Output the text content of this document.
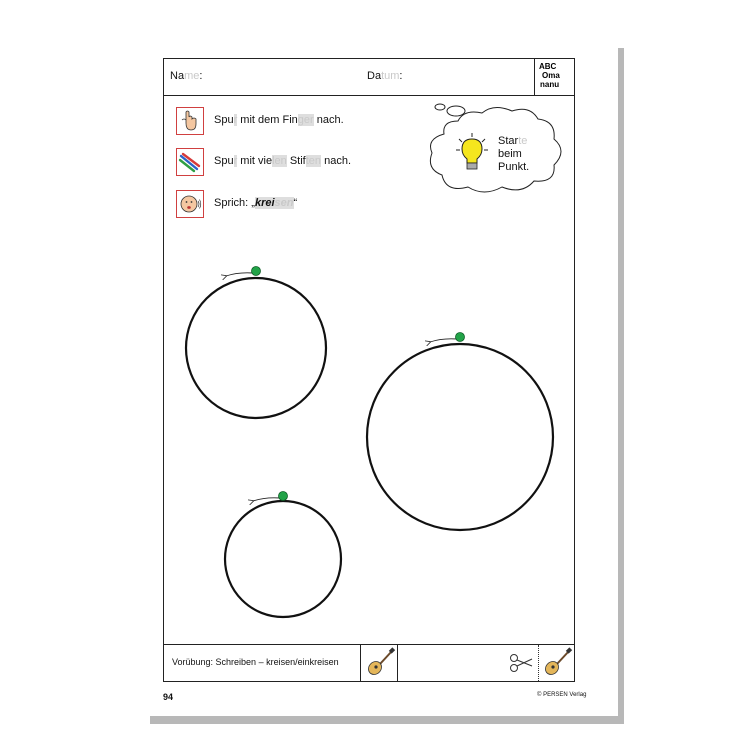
Name:	Datum:
ABC
Oma
nanu
Spur mit dem Finger nach.
Spur mit vielen Stiften nach.
Sprich: „kreisen“
Starte
beim
Punkt.
Vorübung: Schreiben – kreisen/einkreisen
94	© PERSEN Verlag
